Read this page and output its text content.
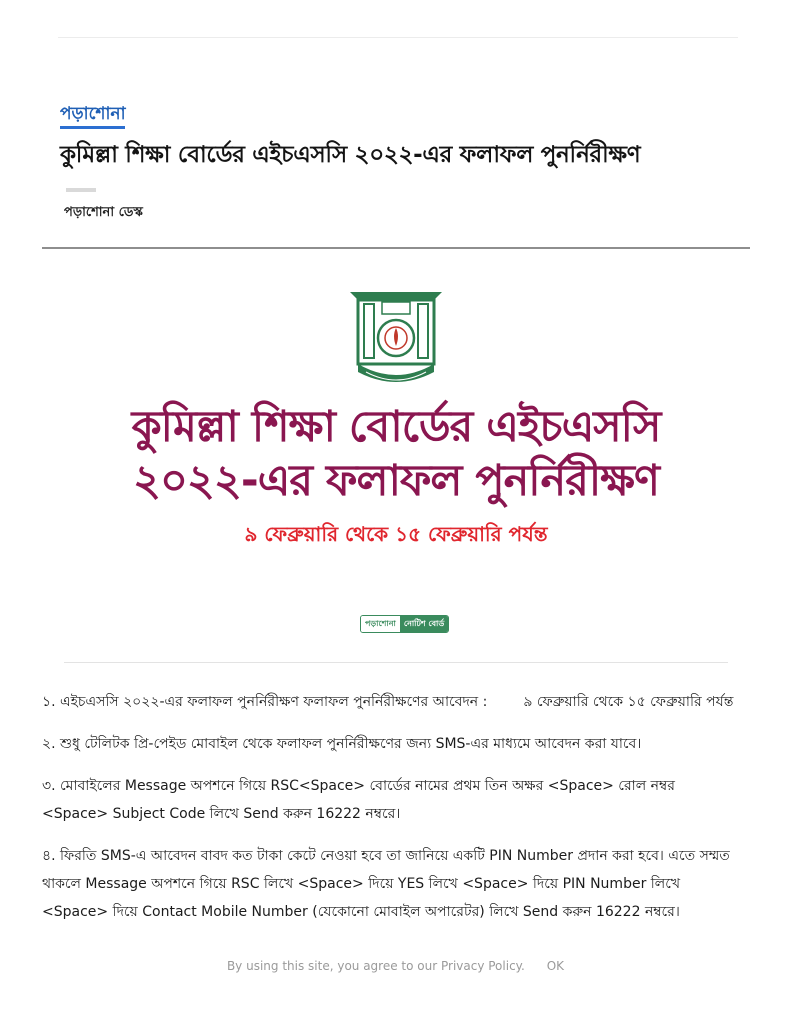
পড়াশোনা
কুমিল্লা শিক্ষা বোর্ডের এইচএসসি ২০২২-এর ফলাফল পুনর্নিরীক্ষণ
পড়াশোনা ডেস্ক
কুমিল্লা শিক্ষা বোর্ডের এইচএসসি
২০২২-এর ফলাফল পুনর্নিরীক্ষণ
৯ ফেব্রুয়ারি থেকে ১৫ ফেব্রুয়ারি পর্যন্ত
পড়াশোনা	নোটিশ বোর্ড

১. এইচএসসি ২০২২-এর ফলাফল পুনর্নিরীক্ষণ ফলাফল পুনর্নিরীক্ষণের আবেদন :	৯ ফেব্রুয়ারি থেকে ১৫ ফেব্রুয়ারি পর্যন্ত

২. শুধু টেলিটক প্রি-পেইড মোবাইল থেকে ফলাফল পুনর্নিরীক্ষণের জন্য SMS-এর মাধ্যমে আবেদন করা যাবে।

৩. মোবাইলের Message অপশনে গিয়ে RSC<Space> বোর্ডের নামের প্রথম তিন অক্ষর <Space> রোল নম্বর <Space> Subject Code লিখে Send করুন 16222 নম্বরে।

৪. ফিরতি SMS-এ আবেদন বাবদ কত টাকা কেটে নেওয়া হবে তা জানিয়ে একটি PIN Number প্রদান করা হবে। এতে সম্মত থাকলে Message অপশনে গিয়ে RSC লিখে <Space> দিয়ে YES লিখে <Space> দিয়ে PIN Number লিখে <Space> দিয়ে Contact Mobile Number (যেকোনো মোবাইল অপারেটর) লিখে Send করুন 16222 নম্বরে।

By using this site, you agree to our Privacy Policy. OK
